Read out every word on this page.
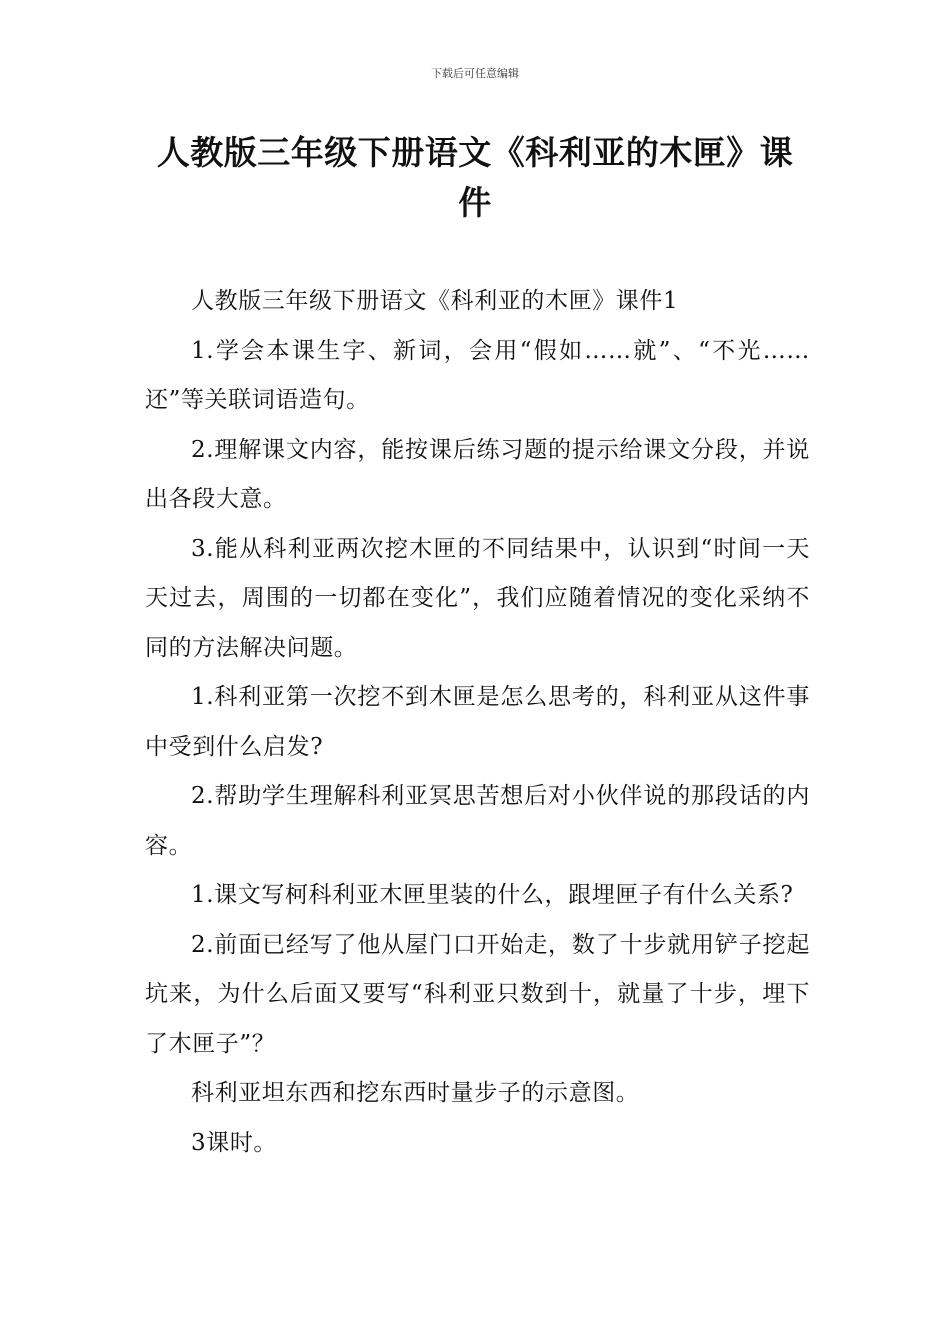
下载后可任意编辑
人教版三年级下册语文《科利亚的木匣》课件

人教版三年级下册语文《科利亚的木匣》课件1

1.学会本课生字、新词，会用“假如……就”、“不光……还”等关联词语造句。

2.理解课文内容，能按课后练习题的提示给课文分段，并说出各段大意。

3.能从科利亚两次挖木匣的不同结果中，认识到“时间一天天过去，周围的一切都在变化”，我们应随着情况的变化采纳不同的方法解决问题。

1.科利亚第一次挖不到木匣是怎么思考的，科利亚从这件事中受到什么启发?

2.帮助学生理解科利亚冥思苦想后对小伙伴说的那段话的内容。

1.课文写柯科利亚木匣里装的什么，跟埋匣子有什么关系?

2.前面已经写了他从屋门口开始走，数了十步就用铲子挖起坑来，为什么后面又要写“科利亚只数到十，就量了十步，埋下了木匣子”？

科利亚坦东西和挖东西时量步子的示意图。

3课时。
